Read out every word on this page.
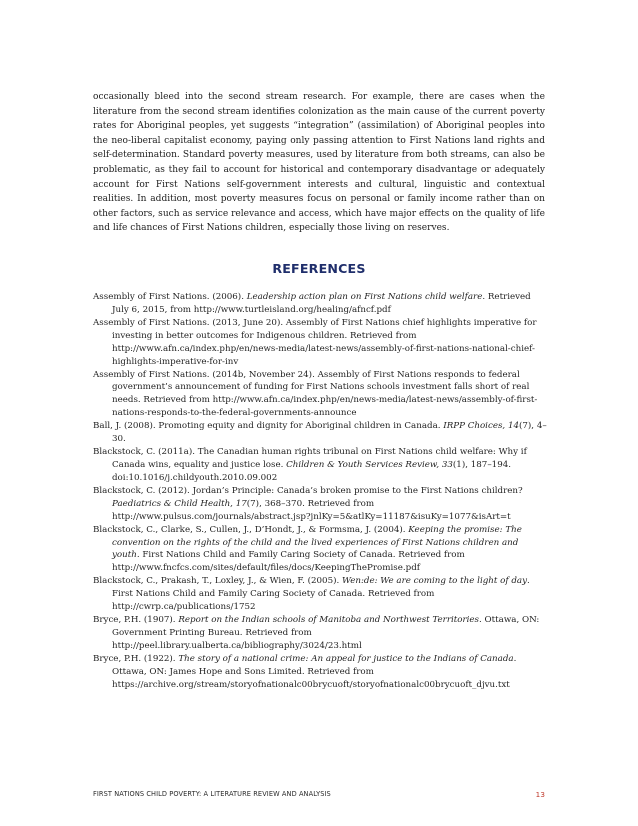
occasionally bleed into the second stream research. For example, there are cases when the literature from the second stream identifies colonization as the main cause of the current poverty rates for Aboriginal peoples, yet suggests “integration” (assimilation) of Aboriginal peoples into the neo-liberal capitalist economy, paying only passing attention to First Nations land rights and self-determination. Standard poverty measures, used by literature from both streams, can also be problematic, as they fail to account for historical and contemporary disadvantage or adequately account for First Nations self-government interests and cultural, linguistic and contextual realities. In addition, most poverty measures focus on personal or family income rather than on other factors, such as service relevance and access, which have major effects on the quality of life and life chances of First Nations children, especially those living on reserves.

REFERENCES

Assembly of First Nations. (2006). Leadership action plan on First Nations child welfare. Retrieved July 6, 2015, from http://www.turtleisland.org/healing/afncf.pdf

Assembly of First Nations. (2013, June 20). Assembly of First Nations chief highlights imperative for investing in better outcomes for Indigenous children. Retrieved from http://www.afn.ca/index.php/en/news-media/latest-news/assembly-of-first-nations-national-chief-highlights-imperative-for-inv

Assembly of First Nations. (2014b, November 24). Assembly of First Nations responds to federal government’s announcement of funding for First Nations schools investment falls short of real needs. Retrieved from http://www.afn.ca/index.php/en/news-media/latest-news/assembly-of-first-nations-responds-to-the-federal-governments-announce

Ball, J. (2008). Promoting equity and dignity for Aboriginal children in Canada. IRPP Choices, 14(7), 4–30.

Blackstock, C. (2011a). The Canadian human rights tribunal on First Nations child welfare: Why if Canada wins, equality and justice lose. Children & Youth Services Review, 33(1), 187–194. doi:10.1016/j.childyouth.2010.09.002

Blackstock, C. (2012). Jordan’s Principle: Canada’s broken promise to the First Nations children? Paediatrics & Child Health, 17(7), 368–370. Retrieved from http://www.pulsus.com/journals/abstract.jsp?jnlKy=5&atlKy=11187&isuKy=1077&isArt=t

Blackstock, C., Clarke, S., Cullen, J., D’Hondt, J., & Formsma, J. (2004). Keeping the promise: The convention on the rights of the child and the lived experiences of First Nations children and youth. First Nations Child and Family Caring Society of Canada. Retrieved from http://www.fncfcs.com/sites/default/files/docs/KeepingThePromise.pdf

Blackstock, C., Prakash, T., Loxley, J., & Wien, F. (2005). Wen:de: We are coming to the light of day. First Nations Child and Family Caring Society of Canada. Retrieved from http://cwrp.ca/publications/1752

Bryce, P.H. (1907). Report on the Indian schools of Manitoba and Northwest Territories. Ottawa, ON: Government Printing Bureau. Retrieved from http://peel.library.ualberta.ca/bibliography/3024/23.html

Bryce, P.H. (1922). The story of a national crime: An appeal for justice to the Indians of Canada. Ottawa, ON: James Hope and Sons Limited. Retrieved from https://archive.org/stream/storyofnationalc00brycuoft/storyofnationalc00brycuoft_djvu.txt

FIRST NATIONS CHILD POVERTY: A LITERATURE REVIEW AND ANALYSIS	13
